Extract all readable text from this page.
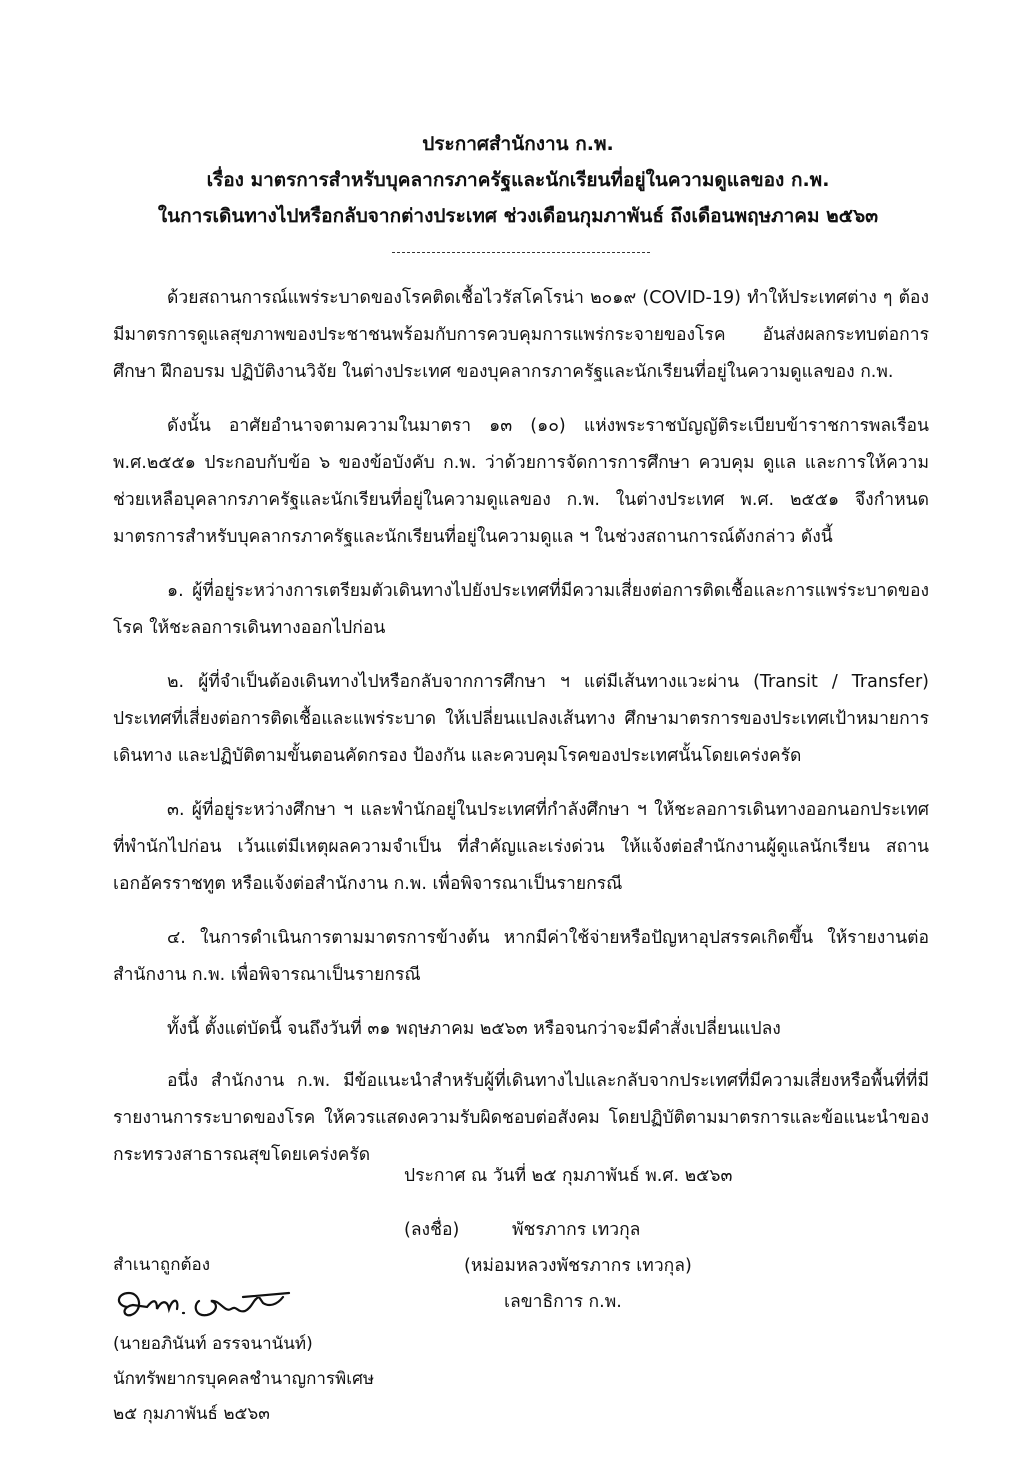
ประกาศสำนักงาน ก.พ.
เรื่อง มาตรการสำหรับบุคลากรภาครัฐและนักเรียนที่อยู่ในความดูแลของ ก.พ.
ในการเดินทางไปหรือกลับจากต่างประเทศ ช่วงเดือนกุมภาพันธ์ ถึงเดือนพฤษภาคม ๒๕๖๓

ด้วยสถานการณ์แพร่ระบาดของโรคติดเชื้อไวรัสโคโรน่า ๒๐๑๙ (COVID-19) ทำให้ประเทศต่าง ๆ ต้องมีมาตรการดูแลสุขภาพของประชาชนพร้อมกับการควบคุมการแพร่กระจายของโรค อันส่งผลกระทบต่อการศึกษา ฝึกอบรม ปฏิบัติงานวิจัย ในต่างประเทศ ของบุคลากรภาครัฐและนักเรียนที่อยู่ในความดูแลของ ก.พ.

ดังนั้น อาศัยอำนาจตามความในมาตรา ๑๓ (๑๐) แห่งพระราชบัญญัติระเบียบข้าราชการพลเรือน พ.ศ.๒๕๕๑ ประกอบกับข้อ ๖ ของข้อบังคับ ก.พ. ว่าด้วยการจัดการการศึกษา ควบคุม ดูแล และการให้ความช่วยเหลือบุคลากรภาครัฐและนักเรียนที่อยู่ในความดูแลของ ก.พ. ในต่างประเทศ พ.ศ. ๒๕๕๑ จึงกำหนดมาตรการสำหรับบุคลากรภาครัฐและนักเรียนที่อยู่ในความดูแล ฯ ในช่วงสถานการณ์ดังกล่าว ดังนี้

๑. ผู้ที่อยู่ระหว่างการเตรียมตัวเดินทางไปยังประเทศที่มีความเสี่ยงต่อการติดเชื้อและการแพร่ระบาดของโรค ให้ชะลอการเดินทางออกไปก่อน

๒. ผู้ที่จำเป็นต้องเดินทางไปหรือกลับจากการศึกษา ฯ แต่มีเส้นทางแวะผ่าน (Transit / Transfer) ประเทศที่เสี่ยงต่อการติดเชื้อและแพร่ระบาด ให้เปลี่ยนแปลงเส้นทาง ศึกษามาตรการของประเทศเป้าหมายการเดินทาง และปฏิบัติตามขั้นตอนคัดกรอง ป้องกัน และควบคุมโรคของประเทศนั้นโดยเคร่งครัด

๓. ผู้ที่อยู่ระหว่างศึกษา ฯ และพำนักอยู่ในประเทศที่กำลังศึกษา ฯ ให้ชะลอการเดินทางออกนอกประเทศที่พำนักไปก่อน เว้นแต่มีเหตุผลความจำเป็น ที่สำคัญและเร่งด่วน ให้แจ้งต่อสำนักงานผู้ดูแลนักเรียน สถานเอกอัครราชทูต หรือแจ้งต่อสำนักงาน ก.พ. เพื่อพิจารณาเป็นรายกรณี

๔. ในการดำเนินการตามมาตรการข้างต้น หากมีค่าใช้จ่ายหรือปัญหาอุปสรรคเกิดขึ้น ให้รายงานต่อสำนักงาน ก.พ. เพื่อพิจารณาเป็นรายกรณี

ทั้งนี้ ตั้งแต่บัดนี้ จนถึงวันที่ ๓๑ พฤษภาคม ๒๕๖๓ หรือจนกว่าจะมีคำสั่งเปลี่ยนแปลง

อนึ่ง สำนักงาน ก.พ. มีข้อแนะนำสำหรับผู้ที่เดินทางไปและกลับจากประเทศที่มีความเสี่ยงหรือพื้นที่ที่มีรายงานการระบาดของโรค ให้ควรแสดงความรับผิดชอบต่อสังคม โดยปฏิบัติตามมาตรการและข้อแนะนำของกระทรวงสาธารณสุขโดยเคร่งครัด

ประกาศ ณ วันที่ ๒๕ กุมภาพันธ์ พ.ศ. ๒๕๖๓
(ลงชื่อ)	พัชรภากร เทวกุล
(หม่อมหลวงพัชรภากร เทวกุล)
เลขาธิการ ก.พ.
สำเนาถูกต้อง
(นายอภินันท์ อรรจนานันท์)
นักทรัพยากรบุคคลชำนาญการพิเศษ
๒๕ กุมภาพันธ์ ๒๕๖๓
